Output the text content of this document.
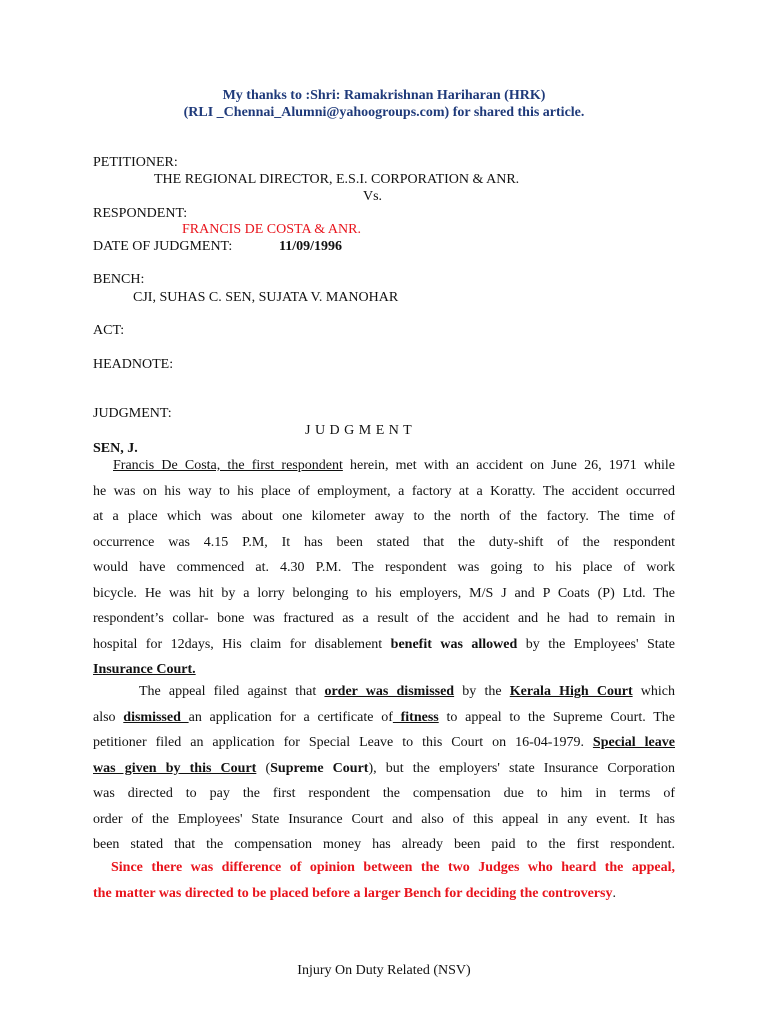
My thanks to :Shri: Ramakrishnan Hariharan (HRK)
(RLI _Chennai_Alumni@yahoogroups.com) for shared this article.
PETITIONER:
THE REGIONAL DIRECTOR, E.S.I. CORPORATION & ANR.
Vs.
RESPONDENT:
FRANCIS DE COSTA & ANR.
DATE OF JUDGMENT:	11/09/1996
BENCH:
CJI, SUHAS C. SEN, SUJATA V. MANOHAR
ACT:
HEADNOTE:
JUDGMENT:
J U D G M E N T
SEN, J.
Francis De Costa, the first respondent herein, met with an accident on June 26, 1971 while
he was on his way to his place of employment, a factory at a Koratty. The accident occurred
at a place which was about one kilometer away to the north of the factory. The time of
occurrence was 4.15 P.M, It has been stated that the duty-shift of the respondent
would have commenced at. 4.30 P.M. The respondent was going to his place of work
bicycle. He was hit by a lorry belonging to his employers, M/S J and P Coats (P) Ltd. The
respondent’s collar- bone was fractured as a result of the accident and he had to remain in
hospital for 12days, His claim for disablement benefit was allowed by the Employees' State
Insurance Court.
The appeal filed against that order was dismissed by the Kerala High Court which
also dismissed an application for a certificate of fitness to appeal to the Supreme Court. The
petitioner filed an application for Special Leave to this Court on 16-04-1979. Special leave
was given by this Court (Supreme Court), but the employers' state Insurance Corporation
was directed to pay the first respondent the compensation due to him in terms of
order of the Employees' State Insurance Court and also of this appeal in any event. It has
been stated that the compensation money has already been paid to the first respondent.
Since there was difference of opinion between the two Judges who heard the appeal,
the matter was directed to be placed before a larger Bench for deciding the controversy.
Injury On Duty Related (NSV)
